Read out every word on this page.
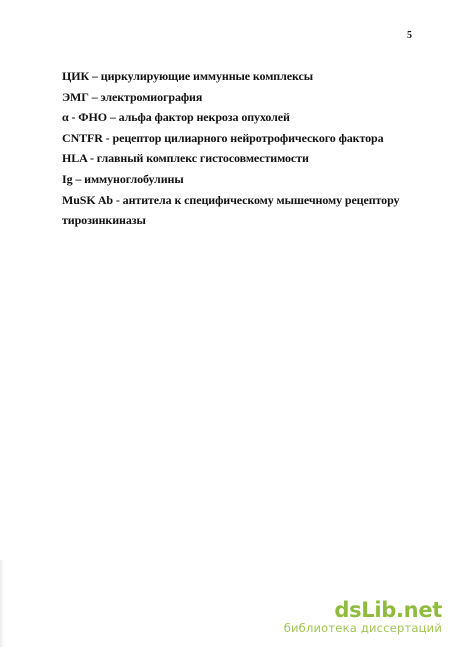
5
ЦИК – циркулирующие иммунные комплексы
ЭМГ – электромиография
α - ФНО – альфа фактор некроза опухолей
CNTFR - рецептор цилиарного нейротрофического фактора
HLA - главный комплекс гистосовместимости
Ig – иммуноглобулины
MuSK Ab - антитела к специфическому мышечному рецептору
тирозинкиназы
dsLib.net
библиотека диссертаций
